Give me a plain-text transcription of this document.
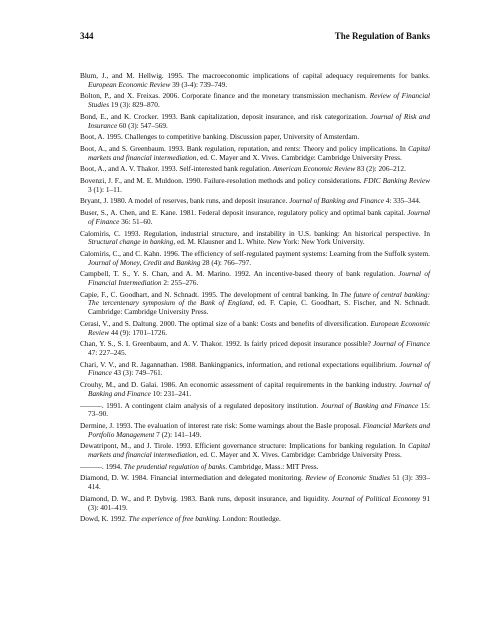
344	The Regulation of Banks

Blum, J., and M. Hellwig. 1995. The macroeconomic implications of capital adequacy requirements for banks. European Economic Review 39 (3-4): 739–749.

Bolton, P., and X. Freixas. 2006. Corporate finance and the monetary transmission mechanism. Review of Financial Studies 19 (3): 829–870.

Bond, E., and K. Crocker. 1993. Bank capitalization, deposit insurance, and risk categorization. Journal of Risk and Insurance 60 (3): 547–569.

Boot, A. 1995. Challenges to competitive banking. Discussion paper, University of Amsterdam.

Boot, A., and S. Greenbaum. 1993. Bank regulation, reputation, and rents: Theory and policy implications. In Capital markets and financial intermediation, ed. C. Mayer and X. Vives. Cambridge: Cambridge University Press.

Boot, A., and A. V. Thakor. 1993. Self-interested bank regulation. American Economic Review 83 (2): 206–212.

Bovenzi, J. F., and M. E. Muldoon. 1990. Failure-resolution methods and policy considerations. FDIC Banking Review 3 (1): 1–11.

Bryant, J. 1980. A model of reserves, bank runs, and deposit insurance. Journal of Banking and Finance 4: 335–344.

Buser, S., A. Chen, and E. Kane. 1981. Federal deposit insurance, regulatory policy and optimal bank capital. Journal of Finance 36: 51–60.

Calomiris, C. 1993. Regulation, industrial structure, and instability in U.S. banking: An historical perspective. In Structural change in banking, ed. M. Klausner and L. White. New York: New York University.

Calomiris, C., and C. Kahn. 1996. The efficiency of self-regulated payment systems: Learning from the Suffolk system. Journal of Money, Credit and Banking 28 (4): 766–797.

Campbell, T. S., Y. S. Chan, and A. M. Marino. 1992. An incentive-based theory of bank regulation. Journal of Financial Intermediation 2: 255–276.

Capie, F., C. Goodhart, and N. Schnadt. 1995. The development of central banking. In The future of central banking: The tercentenary symposium of the Bank of England, ed. F. Capie, C. Goodhart, S. Fischer, and N. Schnadt. Cambridge: Cambridge University Press.

Cerasi, V., and S. Daltung. 2000. The optimal size of a bank: Costs and benefits of diversification. European Economic Review 44 (9): 1701–1726.

Chan, Y. S., S. I. Greenbaum, and A. V. Thakor. 1992. Is fairly priced deposit insurance possible? Journal of Finance 47: 227–245.

Chari, V. V., and R. Jagannathan. 1988. Bankingpanics, information, and retional expectations equilibrium. Journal of Finance 43 (3): 749–761.

Crouhy, M., and D. Galai. 1986. An economic assessment of capital requirements in the banking industry. Journal of Banking and Finance 10: 231–241.

———. 1991. A contingent claim analysis of a regulated depository institution. Journal of Banking and Finance 15: 73–90.

Dermine, J. 1993. The evaluation of interest rate risk: Some warnings about the Basle proposal. Financial Markets and Portfolio Management 7 (2): 141–149.

Dewatripont, M., and J. Tirole. 1993. Efficient governance structure: Implications for banking regulation. In Capital markets and financial intermediation, ed. C. Mayer and X. Vives. Cambridge: Cambridge University Press.

———. 1994. The prudential regulation of banks. Cambridge, Mass.: MIT Press.

Diamond, D. W. 1984. Financial intermediation and delegated monitoring. Review of Economic Studies 51 (3): 393–414.

Diamond, D. W., and P. Dybvig. 1983. Bank runs, deposit insurance, and liquidity. Journal of Political Economy 91 (3): 401–419.

Dowd, K. 1992. The experience of free banking. London: Routledge.
